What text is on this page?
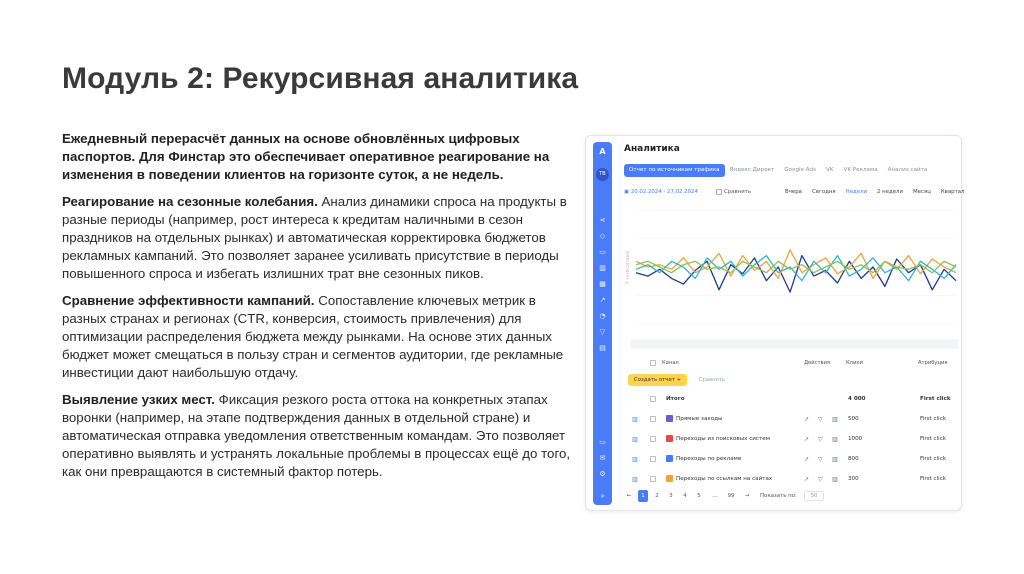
Модуль 2: Рекурсивная аналитика

Ежедневный перерасчёт данных на основе обновлённых цифровых паспортов. Для Финстар это обеспечивает оперативное реагирование на изменения в поведении клиентов на горизонте суток, а не недель.

Реагирование на сезонные колебания. Анализ динамики спроса на продукты в разные периоды (например, рост интереса к кредитам наличными в сезон праздников на отдельных рынках) и автоматическая корректировка бюджетов рекламных кампаний. Это позволяет заранее усиливать присутствие в периоды повышенного спроса и избегать излишних трат вне сезонных пиков.

Сравнение эффективности кампаний. Сопоставление ключевых метрик в разных странах и регионах (CTR, конверсия, стоимость привлечения) для оптимизации распределения бюджета между рынками. На основе этих данных бюджет может смещаться в пользу стран и сегментов аудитории, где рекламные инвестиции дают наибольшую отдачу.

Выявление узких мест. Фиксация резкого роста оттока на конкретных этапах воронки (например, на этапе подтверждения данных в отдельной стране) и автоматическая отправка уведомления ответственным командам. Это позволяет оперативно выявлять и устранять локальные проблемы в процессах ещё до того, как они превращаются в системный фактор потерь.

A
TB
⋖
◇
▭
▥
▦
↗
◔
▽
▤
▭
✉
⚙
»
Аналитика
Отчет по источникам трафика	Яндекс Директ	Google Ads	VK	VK Реклама	Анализ сайта
▣ 20.02.2024 - 27.02.2024	Сравнить	Вчера	Сегодня	Недели	2 недели	Месяц	Квартал
Y vertical label
Канал	Действия	Клики	Атрибуция
Создать отчет +	Сравнить
Итого	4 000	First click
▥	Прямые заходы	↗ ▽ ▥ 500	First click
▥	Переходы из поисковых систем	↗ ▽ ▥ 1000	First click
▥	Переходы по рекламе	↗ ▽ ▥ 800	First click
▥	Переходы по ссылкам на сайтах	↗ ▽ ▥ 300	First click
←	1	2	3	4	5	...	99	→	Показать по:	50
